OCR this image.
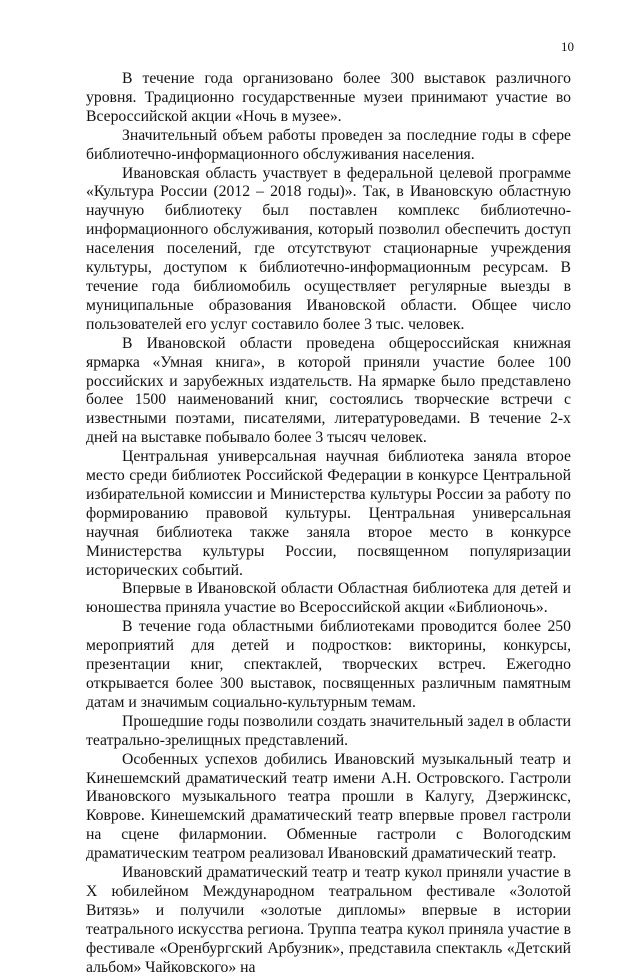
10

В течение года организовано более 300 выставок различного уровня. Традиционно государственные музеи принимают участие во Всероссийской акции «Ночь в музее».

Значительный объем работы проведен за последние годы в сфере библиотечно-информационного обслуживания населения.

Ивановская область участвует в федеральной целевой программе «Культура России (2012 – 2018 годы)». Так, в Ивановскую областную научную библиотеку был поставлен комплекс библиотечно-информационного обслуживания, который позволил обеспечить доступ населения поселений, где отсутствуют стационарные учреждения культуры, доступом к библиотечно-информационным ресурсам. В течение года библиомобиль осуществляет регулярные выезды в муниципальные образования Ивановской области. Общее число пользователей его услуг составило более 3 тыс. человек.

В Ивановской области проведена общероссийская книжная ярмарка «Умная книга», в которой приняли участие более 100 российских и зарубежных издательств. На ярмарке было представлено более 1500 наименований книг, состоялись творческие встречи с известными поэтами, писателями, литературоведами. В течение 2-х дней на выставке побывало более 3 тысяч человек.

Центральная универсальная научная библиотека заняла второе место среди библиотек Российской Федерации в конкурсе Центральной избирательной комиссии и Министерства культуры России за работу по формированию правовой культуры. Центральная универсальная научная библиотека также заняла второе место в конкурсе Министерства культуры России, посвященном популяризации исторических событий.

Впервые в Ивановской области Областная библиотека для детей и юношества приняла участие во Всероссийской акции «Библионочь».

В течение года областными библиотеками проводится более 250 мероприятий для детей и подростков: викторины, конкурсы, презентации книг, спектаклей, творческих встреч. Ежегодно открывается более 300 выставок, посвященных различным памятным датам и значимым социально-культурным темам.

Прошедшие годы позволили создать значительный задел в области театрально-зрелищных представлений.

Особенных успехов добились Ивановский музыкальный театр и Кинешемский драматический театр имени А.Н. Островского. Гастроли Ивановского музыкального театра прошли в Калугу, Дзержинскс, Коврове. Кинешемский драматический театр впервые провел гастроли на сцене филармонии. Обменные гастроли с Вологодским драматическим театром реализовал Ивановский драматический театр.

Ивановский драматический театр и театр кукол приняли участие в X юбилейном Международном театральном фестивале «Золотой Витязь» и получили «золотые дипломы» впервые в истории театрального искусства региона. Труппа театра кукол приняла участие в фестивале «Оренбургский Арбузник», представила спектакль «Детский альбом» Чайковского» на
